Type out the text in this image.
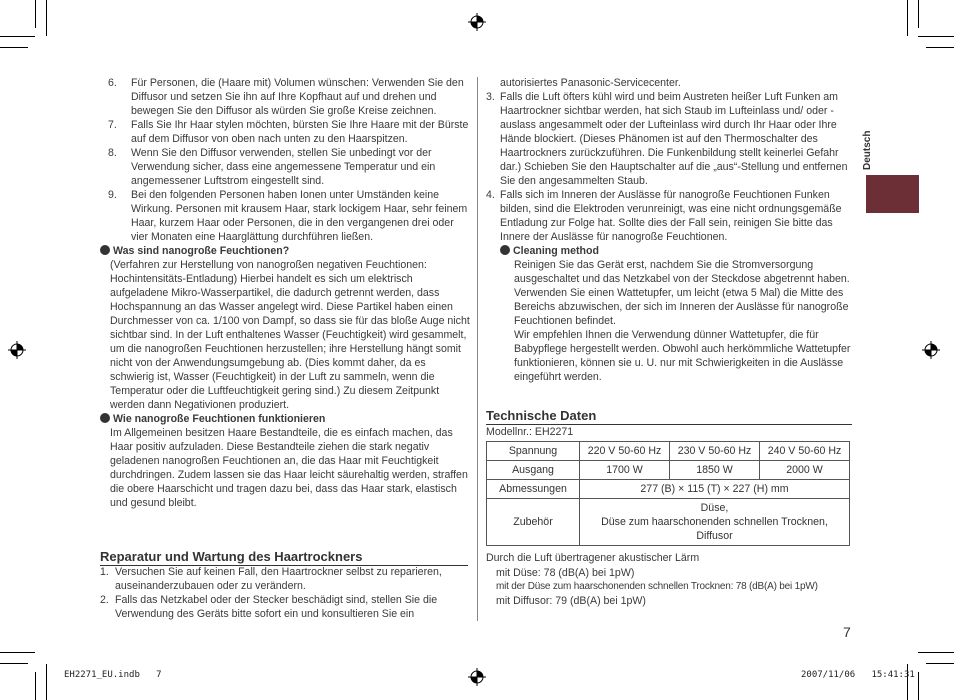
6. Für Personen, die (Haare mit) Volumen wünschen: Verwenden Sie den Diffusor und setzen Sie ihn auf Ihre Kopfhaut auf und drehen und bewegen Sie den Diffusor als würden Sie große Kreise zeichnen.
7. Falls Sie Ihr Haar stylen möchten, bürsten Sie Ihre Haare mit der Bürste auf dem Diffusor von oben nach unten zu den Haarspitzen.
8. Wenn Sie den Diffusor verwenden, stellen Sie unbedingt vor der Verwendung sicher, dass eine angemessene Temperatur und ein angemessener Luftstrom eingestellt sind.
9. Bei den folgenden Personen haben Ionen unter Umständen keine Wirkung. Personen mit krausem Haar, stark lockigem Haar, sehr feinem Haar, kurzem Haar oder Personen, die in den vergangenen drei oder vier Monaten eine Haarglättung durchführen ließen.
Was sind nanogroße Feuchtionen?
(Verfahren zur Herstellung von nanogroßen negativen Feuchtionen: Hochintensitäts-Entladung) Hierbei handelt es sich um elektrisch aufgeladene Mikro-Wasserpartikel, die dadurch getrennt werden, dass Hochspannung an das Wasser angelegt wird. Diese Partikel haben einen Durchmesser von ca. 1/100 von Dampf, so dass sie für das bloße Auge nicht sichtbar sind. In der Luft enthaltenes Wasser (Feuchtigkeit) wird gesammelt, um die nanogroßen Feuchtionen herzustellen; ihre Herstellung hängt somit nicht von der Anwendungsumgebung ab. (Dies kommt daher, da es schwierig ist, Wasser (Feuchtigkeit) in der Luft zu sammeln, wenn die Temperatur oder die Luftfeuchtigkeit gering sind.) Zu diesem Zeitpunkt werden dann Negativionen produziert.
Wie nanogroße Feuchtionen funktionieren
Im Allgemeinen besitzen Haare Bestandteile, die es einfach machen, das Haar positiv aufzuladen. Diese Bestandteile ziehen die stark negativ geladenen nanogroßen Feuchtionen an, die das Haar mit Feuchtigkeit durchdringen. Zudem lassen sie das Haar leicht säurehaltig werden, straffen die obere Haarschicht und tragen dazu bei, dass das Haar stark, elastisch und gesund bleibt.
Reparatur und Wartung des Haartrockners
1. Versuchen Sie auf keinen Fall, den Haartrockner selbst zu reparieren, auseinanderzubauen oder zu verändern.
2. Falls das Netzkabel oder der Stecker beschädigt sind, stellen Sie die Verwendung des Geräts bitte sofort ein und konsultieren Sie ein
autorisiertes Panasonic-Servicecenter.
3. Falls die Luft öfters kühl wird und beim Austreten heißer Luft Funken am Haartrockner sichtbar werden, hat sich Staub im Lufteinlass und/ oder -auslass angesammelt oder der Lufteinlass wird durch Ihr Haar oder Ihre Hände blockiert. (Dieses Phänomen ist auf den Thermoschalter des Haartrockners zurückzuführen. Die Funkenbildung stellt keinerlei Gefahr dar.) Schieben Sie den Hauptschalter auf die „aus“-Stellung und entfernen Sie den angesammelten Staub.
4. Falls sich im Inneren der Auslässe für nanogroße Feuchtionen Funken bilden, sind die Elektroden verunreinigt, was eine nicht ordnungsgemäße Entladung zur Folge hat. Sollte dies der Fall sein, reinigen Sie bitte das Innere der Auslässe für nanogroße Feuchtionen.
Cleaning method
Reinigen Sie das Gerät erst, nachdem Sie die Stromversorgung ausgeschaltet und das Netzkabel von der Steckdose abgetrennt haben.
Verwenden Sie einen Wattetupfer, um leicht (etwa 5 Mal) die Mitte des Bereichs abzuwischen, der sich im Inneren der Auslässe für nanogroße Feuchtionen befindet.
Wir empfehlen Ihnen die Verwendung dünner Wattetupfer, die für Babypflege hergestellt werden. Obwohl auch herkömmliche Wattetupfer funktionieren, können sie u. U. nur mit Schwierigkeiten in die Auslässe eingeführt werden.
Technische Daten
Modellnr.: EH2271
Spannung	220 V 50-60 Hz	230 V 50-60 Hz	240 V 50-60 Hz
Ausgang	1700 W	1850 W	2000 W
Abmessungen	277 (B) × 115 (T) × 227 (H) mm		
Zubehör	Düse,
Düse zum haarschonenden schnellen Trocknen,
Diffusor		
Durch die Luft übertragener akustischer Lärm
mit Düse: 78 (dB(A) bei 1pW)
mit der Düse zum haarschonenden schnellen Trocknen: 78 (dB(A) bei 1pW)
mit Diffusor: 79 (dB(A) bei 1pW)
Deutsch
7
EH2271_EU.indb   7	2007/11/06   15:41:31
